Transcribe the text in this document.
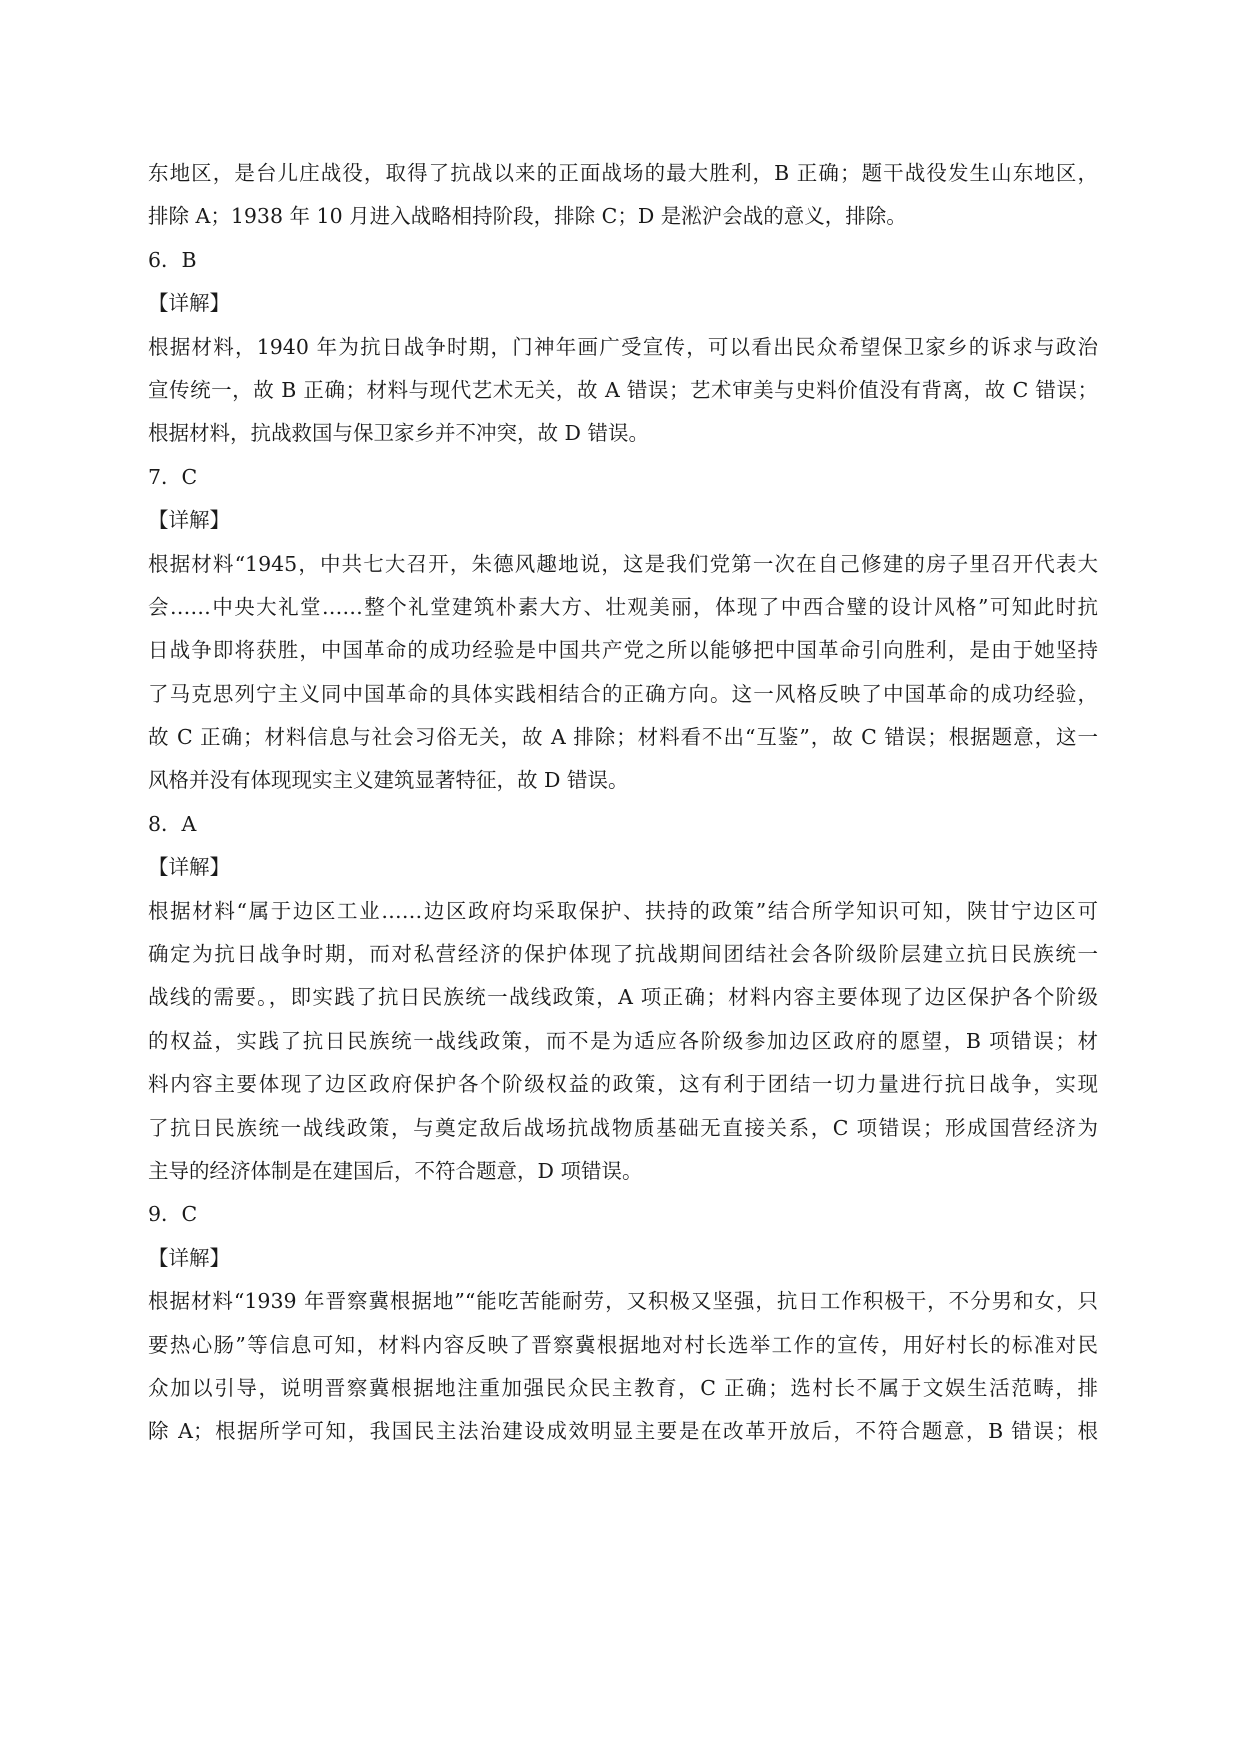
东地区，是台儿庄战役，取得了抗战以来的正面战场的最大胜利，B 正确；题干战役发生山东地区，
排除 A；1938 年 10 月进入战略相持阶段，排除 C；D 是淞沪会战的意义，排除。
6．B
【详解】
根据材料，1940 年为抗日战争时期，门神年画广受宣传，可以看出民众希望保卫家乡的诉求与政治
宣传统一，故 B 正确；材料与现代艺术无关，故 A 错误；艺术审美与史料价值没有背离，故 C 错误；
根据材料，抗战救国与保卫家乡并不冲突，故 D 错误。
7．C
【详解】
根据材料“1945，中共七大召开，朱德风趣地说，这是我们党第一次在自己修建的房子里召开代表大
会……中央大礼堂……整个礼堂建筑朴素大方、壮观美丽，体现了中西合璧的设计风格”可知此时抗
日战争即将获胜，中国革命的成功经验是中国共产党之所以能够把中国革命引向胜利，是由于她坚持
了马克思列宁主义同中国革命的具体实践相结合的正确方向。这一风格反映了中国革命的成功经验，
故 C 正确；材料信息与社会习俗无关，故 A 排除；材料看不出“互鉴”，故 C 错误；根据题意，这一
风格并没有体现现实主义建筑显著特征，故 D 错误。
8．A
【详解】
根据材料“属于边区工业……边区政府均采取保护、扶持的政策”结合所学知识可知，陕甘宁边区可
确定为抗日战争时期，而对私营经济的保护体现了抗战期间团结社会各阶级阶层建立抗日民族统一
战线的需要。，即实践了抗日民族统一战线政策，A 项正确；材料内容主要体现了边区保护各个阶级
的权益，实践了抗日民族统一战线政策，而不是为适应各阶级参加边区政府的愿望，B 项错误；材
料内容主要体现了边区政府保护各个阶级权益的政策，这有利于团结一切力量进行抗日战争，实现
了抗日民族统一战线政策，与奠定敌后战场抗战物质基础无直接关系，C 项错误；形成国营经济为
主导的经济体制是在建国后，不符合题意，D 项错误。
9．C
【详解】
根据材料“1939 年晋察冀根据地”“能吃苦能耐劳，又积极又坚强，抗日工作积极干，不分男和女，只
要热心肠”等信息可知，材料内容反映了晋察冀根据地对村长选举工作的宣传，用好村长的标准对民
众加以引导，说明晋察冀根据地注重加强民众民主教育，C 正确；选村长不属于文娱生活范畴，排
除 A；根据所学可知，我国民主法治建设成效明显主要是在改革开放后，不符合题意，B 错误；根
